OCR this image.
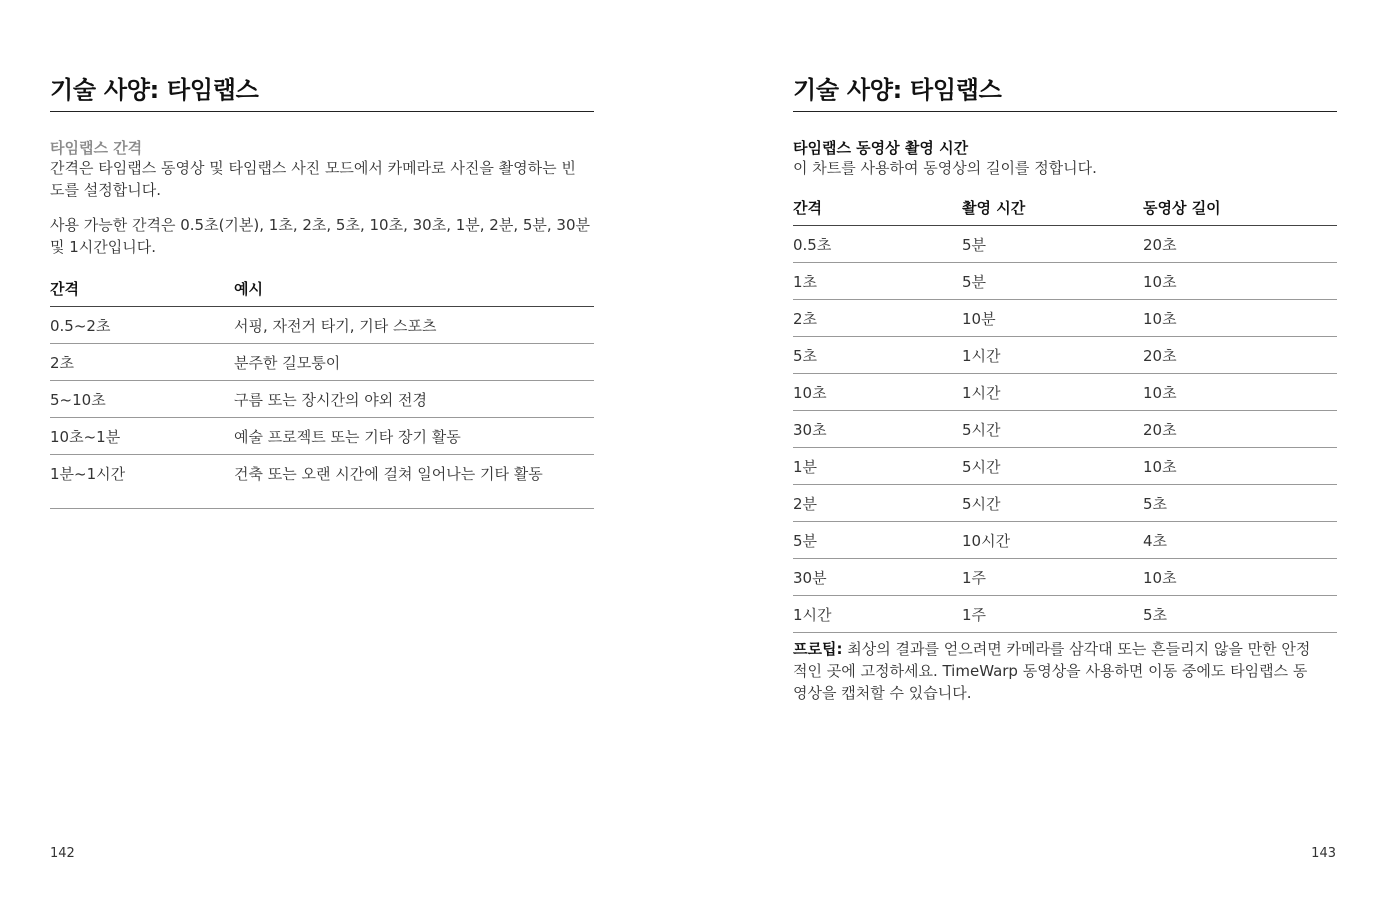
기술 사양: 타임랩스

타임랩스 간격

간격은 타임랩스 동영상 및 타임랩스 사진 모드에서 카메라로 사진을 촬영하는 빈도를 설정합니다.

사용 가능한 간격은 0.5초(기본), 1초, 2초, 5초, 10초, 30초, 1분, 2분, 5분, 30분 및 1시간입니다.

간격	예시
0.5~2초	서핑, 자전거 타기, 기타 스포츠
2초	분주한 길모퉁이
5~10초	구름 또는 장시간의 야외 전경
10초~1분	예술 프로젝트 또는 기타 장기 활동
1분~1시간	건축 또는 오랜 시간에 걸쳐 일어나는 기타 활동
142
기술 사양: 타임랩스

타임랩스 동영상 촬영 시간

이 차트를 사용하여 동영상의 길이를 정합니다.

간격	촬영 시간	동영상 길이
0.5초	5분	20초
1초	5분	10초
2초	10분	10초
5초	1시간	20초
10초	1시간	10초
30초	5시간	20초
1분	5시간	10초
2분	5시간	5초
5분	10시간	4초
30분	1주	10초
1시간	1주	5초

프로팁: 최상의 결과를 얻으려면 카메라를 삼각대 또는 흔들리지 않을 만한 안정적인 곳에 고정하세요. TimeWarp 동영상을 사용하면 이동 중에도 타임랩스 동영상을 캡처할 수 있습니다.

143
